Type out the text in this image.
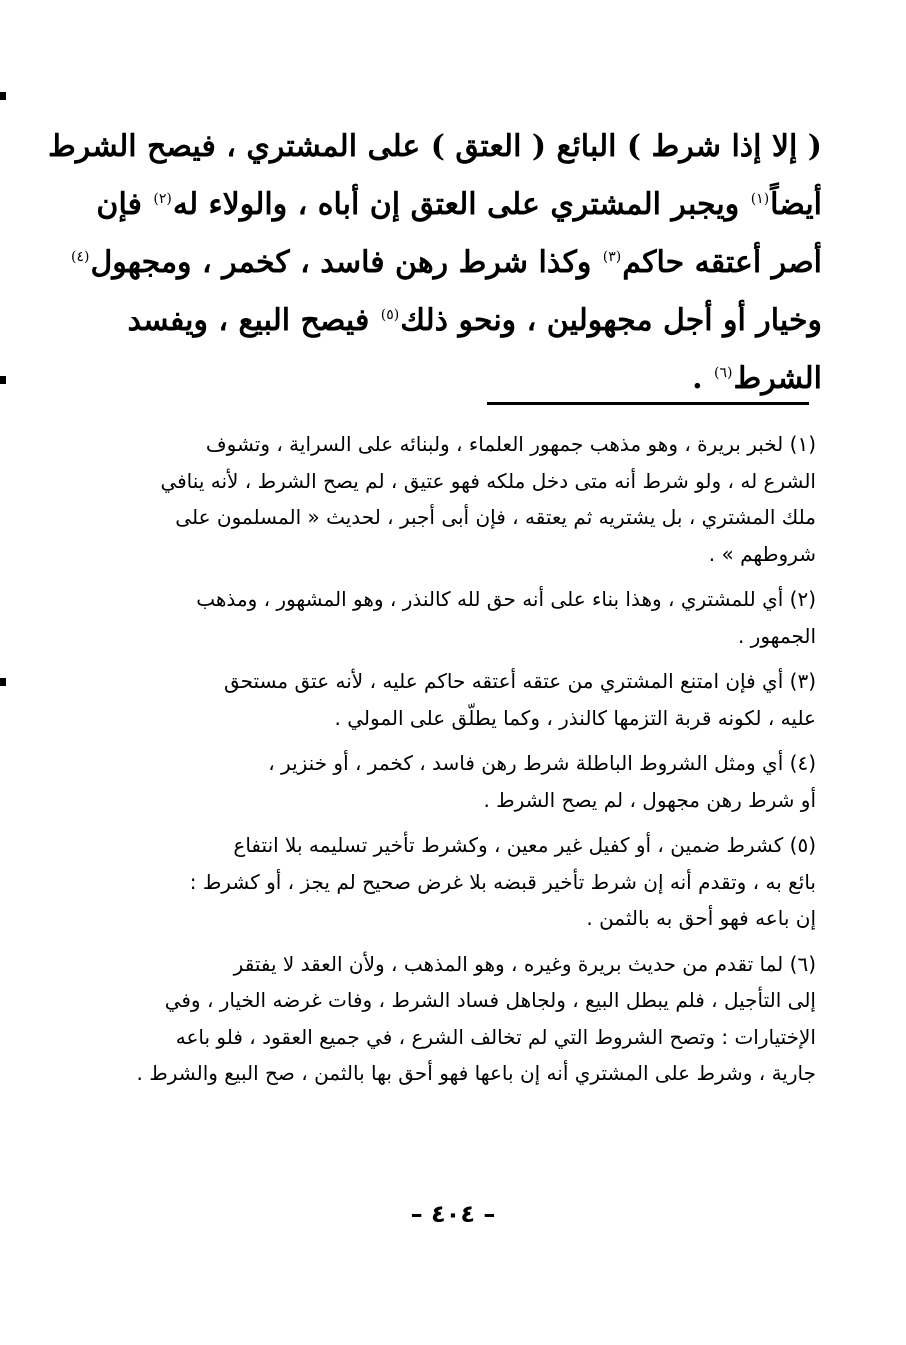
( إلا إذا شرط ) البائع ( العتق ) على المشتري ، فيصح الشرط
أيضاً$^{(١)}$ ويجبر المشتري على العتق إن أباه ، والولاء له$^{(٢)}$ فإن
أصر أعتقه حاكم$^{(٣)}$ وكذا شرط رهن فاسد ، كخمر ، ومجهول$^{(٤)}$
وخيار أو أجل مجهولين ، ونحو ذلك$^{(٥)}$ فيصح البيع ، ويفسد
الشرط$^{(٦)}$ .
(١) لخبر بريرة ، وهو مذهب جمهور العلماء ، ولبنائه على السراية ، وتشوف
الشرع له ، ولو شرط أنه متى دخل ملكه فهو عتيق ، لم يصح الشرط ، لأنه ينافي
ملك المشتري ، بل يشتريه ثم يعتقه ، فإن أبى أجبر ، لحديث « المسلمون على
شروطهم » .
(٢) أي للمشتري ، وهذا بناء على أنه حق لله كالنذر ، وهو المشهور ، ومذهب
الجمهور .
(٣) أي فإن امتنع المشتري من عتقه أعتقه حاكم عليه ، لأنه عتق مستحق
عليه ، لكونه قربة التزمها كالنذر ، وكما يطلّق على المولي .
(٤) أي ومثل الشروط الباطلة شرط رهن فاسد ، كخمر ، أو خنزير ،
أو شرط رهن مجهول ، لم يصح الشرط .
(٥) كشرط ضمين ، أو كفيل غير معين ، وكشرط تأخير تسليمه بلا انتفاع
بائع به ، وتقدم أنه إن شرط تأخير قبضه بلا غرض صحيح لم يجز ، أو كشرط :
إن باعه فهو أحق به بالثمن .
(٦) لما تقدم من حديث بريرة وغيره ، وهو المذهب ، ولأن العقد لا يفتقر
إلى التأجيل ، فلم يبطل البيع ، ولجاهل فساد الشرط ، وفات غرضه الخيار ، وفي
الإختيارات : وتصح الشروط التي لم تخالف الشرع ، في جميع العقود ، فلو باعه
جارية ، وشرط على المشتري أنه إن باعها فهو أحق بها بالثمن ، صح البيع والشرط .
– ٤٠٤ –
